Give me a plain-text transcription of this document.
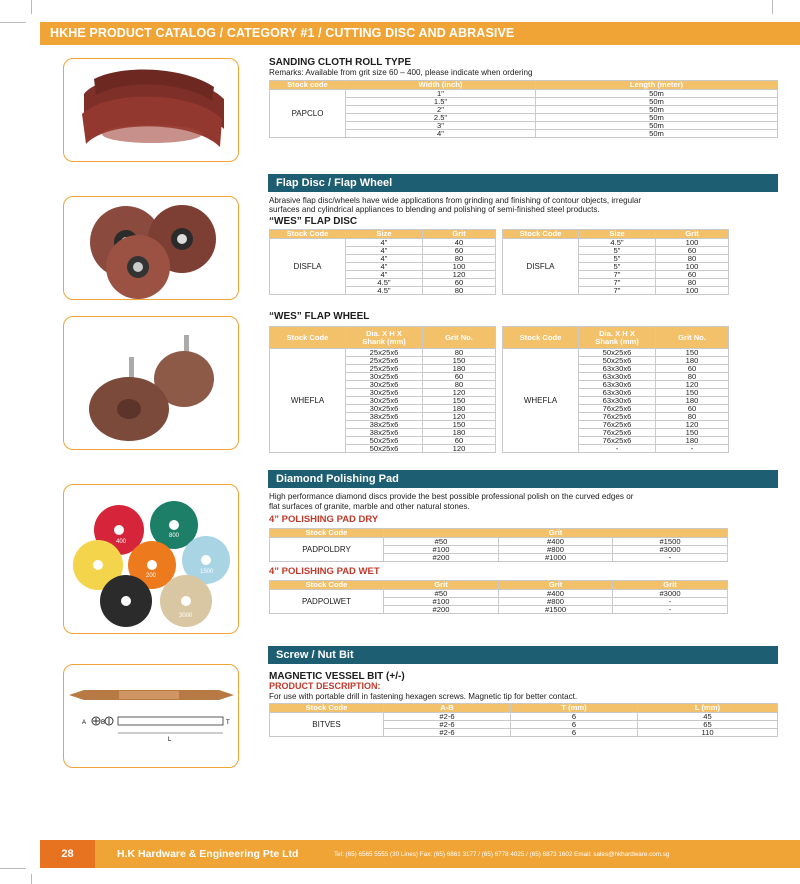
HKHE PRODUCT CATALOG / CATEGORY #1 / CUTTING DISC AND ABRASIVE
400
800
200
1500
3000
A B	T
L
SANDING CLOTH ROLL TYPE
Remarks: Available from grit size 60 – 400, please indicate when ordering
Stock code	Width (inch)	Length (meter)
PAPCLO	1"	50m
	1.5"	50m
	2"	50m
	2.5"	50m
	3"	50m
	4"	50m
Flap Disc / Flap Wheel
Abrasive flap disc/wheels have wide applications from grinding and finishing of contour objects, irregular
surfaces and cylindrical appliances to blending and polishing of semi-finished steel products.
“WES” FLAP DISC
Stock Code	Size	Grit
DISFLA	4"	40
	4"	60
	4"	80
	4"	100
	4"	120
	4.5"	60
	4.5"	80
Stock Code	Size	Grit
DISFLA	4.5"	100
	5"	60
	5"	80
	5"	100
	7"	60
	7"	80
	7"	100
“WES” FLAP WHEEL
Stock Code	Dia. X H X
Shank (mm)	Grit No.
WHEFLA	25x25x6	80
	25x25x6	150
	25x25x6	180
	30x25x6	60
	30x25x6	80
	30x25x6	120
	30x25x6	150
	30x25x6	180
	38x25x6	120
	38x25x6	150
	38x25x6	180
	50x25x6	60
	50x25x6	120
Stock Code	Dia. X H X
Shank (mm)	Grit No.
WHEFLA	50x25x6	150
	50x25x6	180
	63x30x6	60
	63x30x6	80
	63x30x6	120
	63x30x6	150
	63x30x6	180
	76x25x6	60
	76x25x6	80
	76x25x6	120
	76x25x6	150
	76x25x6	180
	-	-
Diamond Polishing Pad
High performance diamond discs provide the best possible professional polish on the curved edges or
flat surfaces of granite, marble and other natural stones.
4” POLISHING PAD DRY
Stock Code	Grit		
PADPOLDRY	#50	#400	#1500
	#100	#800	#3000
	#200	#1000	-
4” POLISHING PAD WET
Stock Code	Grit	Grit	Grit
PADPOLWET	#50	#400	#3000
	#100	#800	-
	#200	#1500	-
Screw / Nut Bit
MAGNETIC VESSEL BIT (+/-)
PRODUCT DESCRIPTION:
For use with portable drill in fastening hexagen screws. Magnetic tip for better contact.
Stock Code	A-B	T (mm)	L (mm)
BITVES	#2-6	6	45
	#2-6	6	65
	#2-6	6	110
28	H.K Hardware & Engineering Pte Ltd	Tel: (65) 6565 5555 (30 Lines) Fax: (65) 6861 3177 / (65) 6778 4025 / (65) 6873 1602 Email: sales@hkhardware.com.sg
